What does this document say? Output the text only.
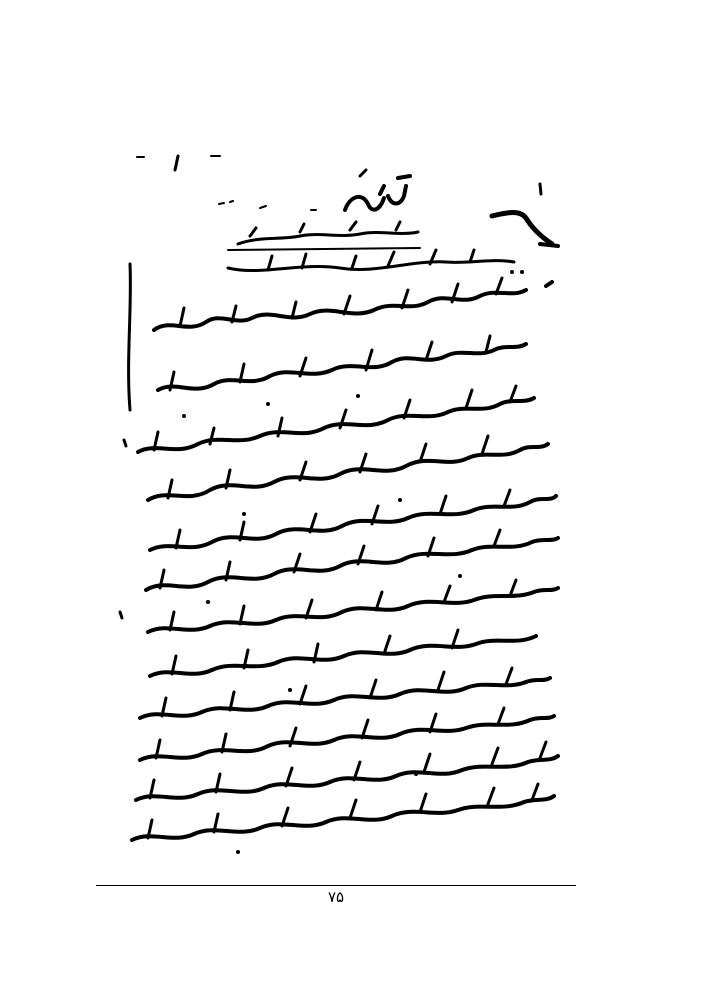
۷۵
